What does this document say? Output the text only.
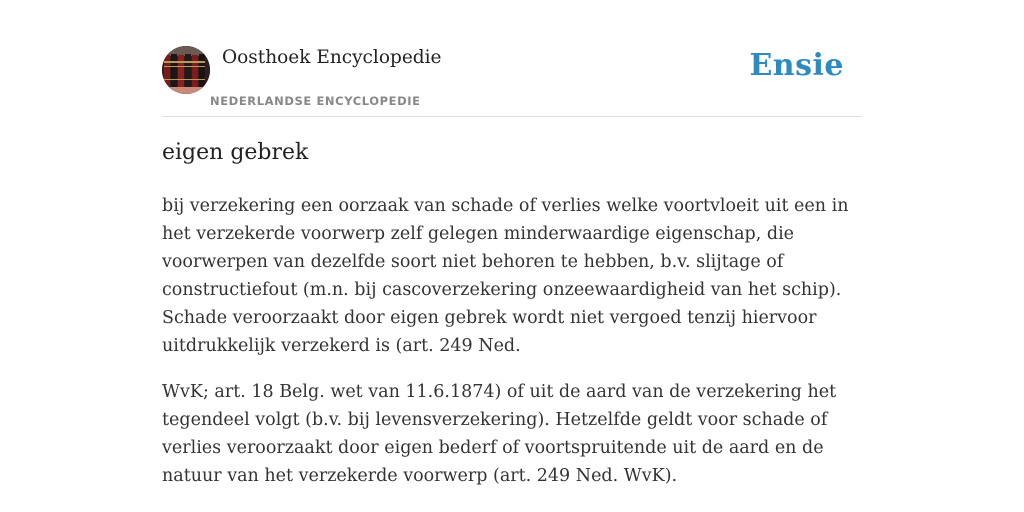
Oosthoek Encyclopedie
NEDERLANDSE ENCYCLOPEDIE
Ensie
eigen gebrek

bij verzekering een oorzaak van schade of verlies welke voortvloeit uit een in het verzekerde voorwerp zelf gelegen minderwaardige eigenschap, die voorwerpen van dezelfde soort niet behoren te hebben, b.v. slijtage of constructiefout (m.n. bij cascoverzekering onzeewaardigheid van het schip). Schade veroorzaakt door eigen gebrek wordt niet vergoed tenzij hiervoor uitdrukkelijk verzekerd is (art. 249 Ned.

WvK; art. 18 Belg. wet van 11.6.1874) of uit de aard van de verzekering het tegendeel volgt (b.v. bij levensverzekering). Hetzelfde geldt voor schade of verlies veroorzaakt door eigen bederf of voortspruitende uit de aard en de natuur van het verzekerde voorwerp (art. 249 Ned. WvK).
